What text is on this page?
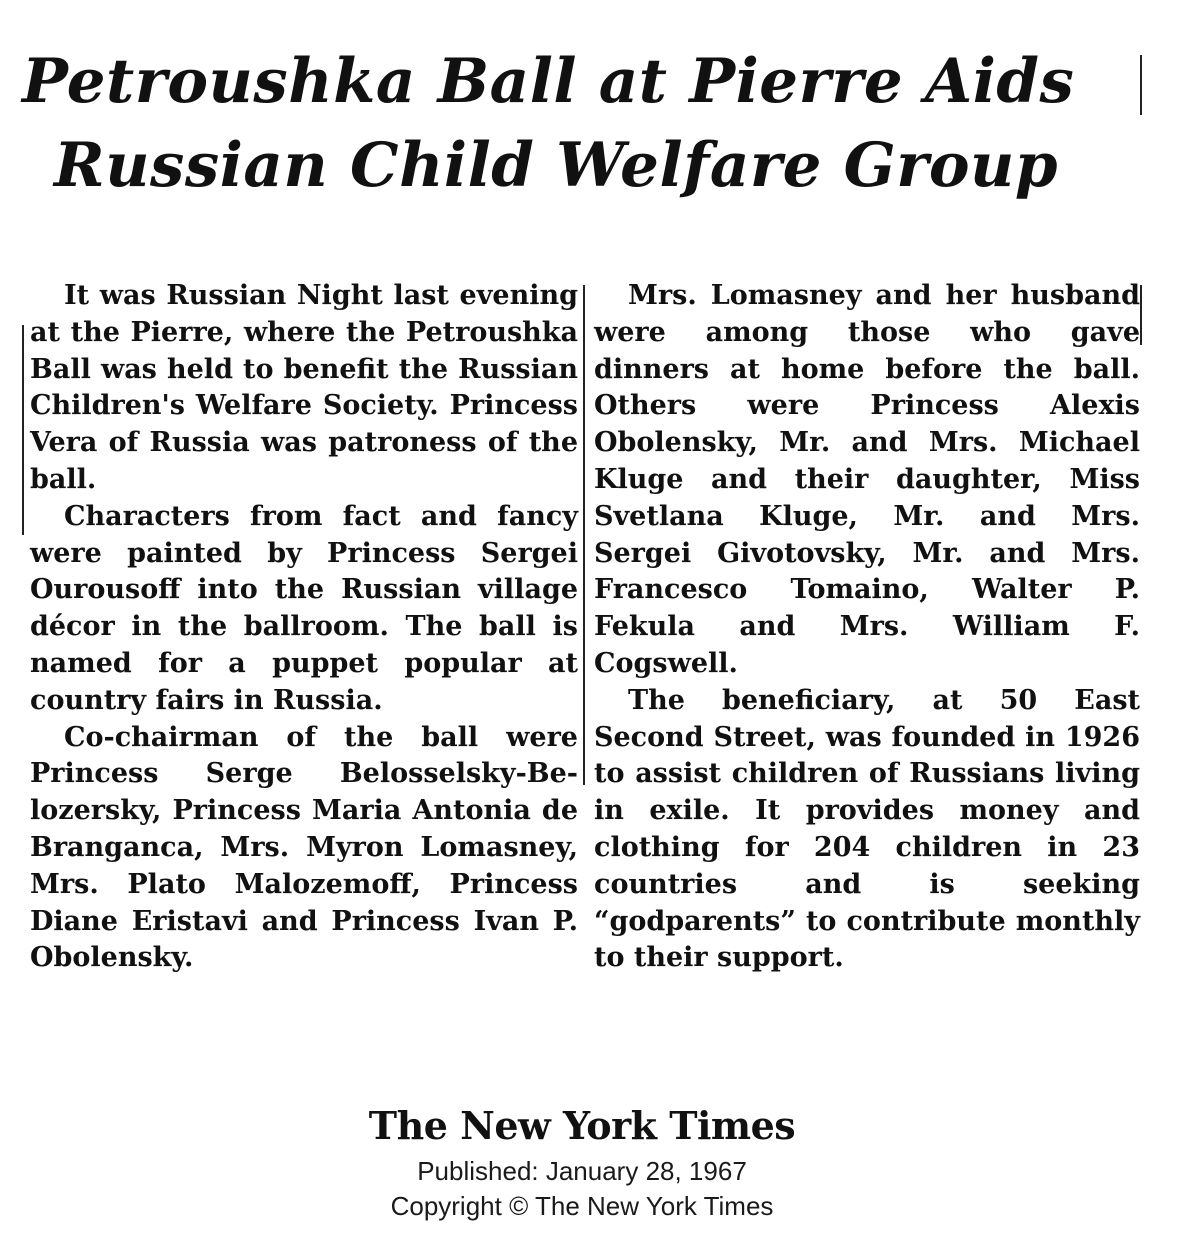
Petroushka Ball at Pierre Aids
Russian Child Welfare Group

It was Russian Night last evening at the Pierre, where the Petroushka Ball was held to benefit the Russian Children's Welfare Society. Princess Vera of Russia was patroness of the ball.

Characters from fact and fancy were painted by Princess Sergei Ourousoff into the Russian village décor in the ballroom. The ball is named for a puppet popular at country fairs in Russia.

Co-chairman of the ball were Princess Serge Belosselsky-Belozersky, Princess Maria Antonia de Branganca, Mrs. Myron Lomasney, Mrs. Plato Malozemoff, Princess Diane Eristavi and Princess Ivan P. Obolensky.

Mrs. Lomasney and her husband were among those who gave dinners at home before the ball. Others were Princess Alexis Obolensky, Mr. and Mrs. Michael Kluge and their daughter, Miss Svetlana Kluge, Mr. and Mrs. Sergei Givotovsky, Mr. and Mrs. Francesco Tomaino, Walter P. Fekula and Mrs. William F. Cogswell.

The beneficiary, at 50 East Second Street, was founded in 1926 to assist children of Russians living in exile. It provides money and clothing for 204 children in 23 countries and is seeking “godparents” to contribute monthly to their support.

The New York Times
Published: January 28, 1967
Copyright © The New York Times
